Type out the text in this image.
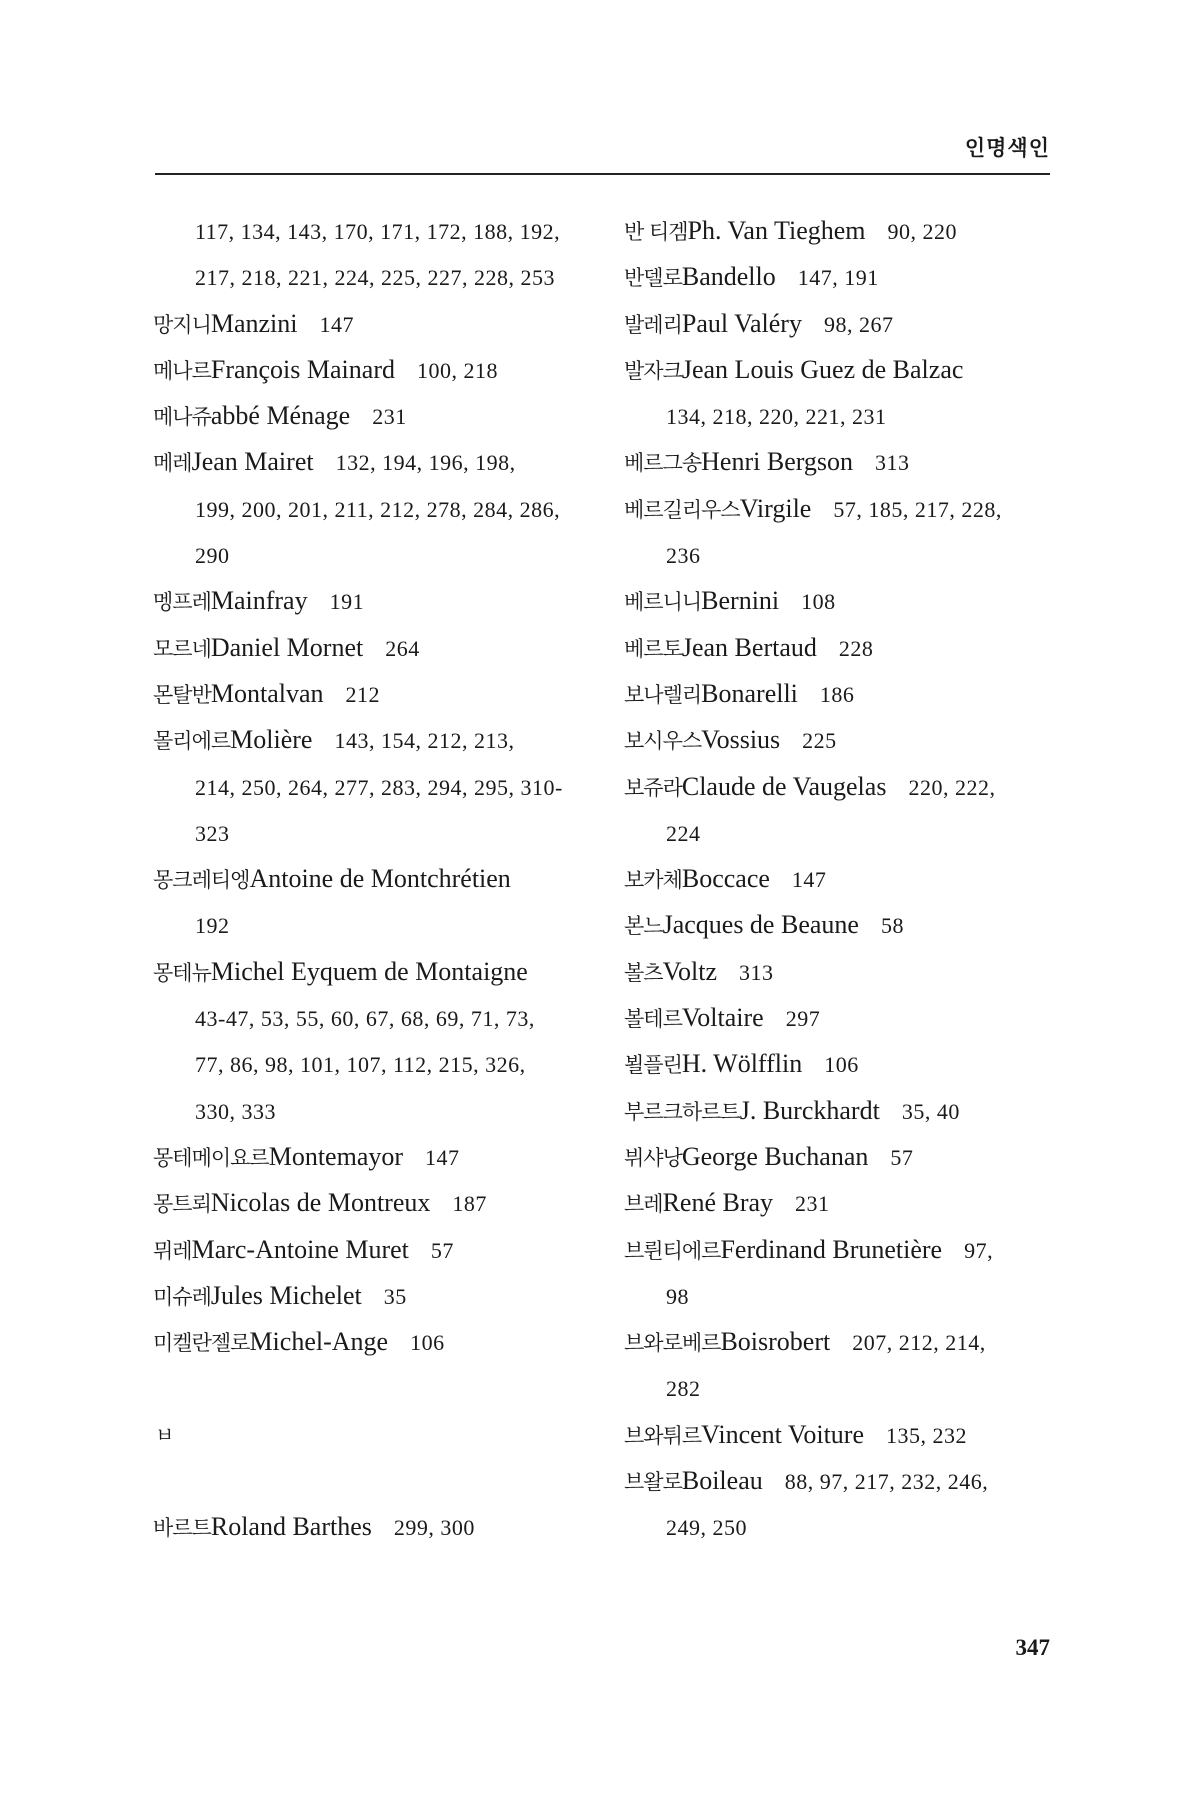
인명색인
117, 134, 143, 170, 171, 172, 188, 192,
217, 218, 221, 224, 225, 227, 228, 253
망지니Manzini 147
메나르François Mainard 100, 218
메나쥬abbé Ménage 231
메레Jean Mairet 132, 194, 196, 198,
199, 200, 201, 211, 212, 278, 284, 286,
290
멩프레Mainfray 191
모르네Daniel Mornet 264
몬탈반Montalvan 212
몰리에르Molière 143, 154, 212, 213,
214, 250, 264, 277, 283, 294, 295, 310-
323
몽크레티엥Antoine de Montchrétien
192
몽테뉴Michel Eyquem de Montaigne
43-47, 53, 55, 60, 67, 68, 69, 71, 73,
77, 86, 98, 101, 107, 112, 215, 326,
330, 333
몽테메이요르Montemayor 147
몽트뢰Nicolas de Montreux 187
뮈레Marc-Antoine Muret 57
미슈레Jules Michelet 35
미켈란젤로Michel-Ange 106
ㅂ
바르트Roland Barthes 299, 300
반 티겜Ph. Van Tieghem 90, 220
반델로Bandello 147, 191
발레리Paul Valéry 98, 267
발자크Jean Louis Guez de Balzac
134, 218, 220, 221, 231
베르그송Henri Bergson 313
베르길리우스Virgile 57, 185, 217, 228,
236
베르니니Bernini 108
베르토Jean Bertaud 228
보나렐리Bonarelli 186
보시우스Vossius 225
보쥬라Claude de Vaugelas 220, 222,
224
보카체Boccace 147
본느Jacques de Beaune 58
볼츠Voltz 313
볼테르Voltaire 297
뵐플린H. Wölfflin 106
부르크하르트J. Burckhardt 35, 40
뷔샤낭George Buchanan 57
브레René Bray 231
브륀티에르Ferdinand Brunetière 97,
98
브와로베르Boisrobert 207, 212, 214,
282
브와튀르Vincent Voiture 135, 232
브왈로Boileau 88, 97, 217, 232, 246,
249, 250
347
